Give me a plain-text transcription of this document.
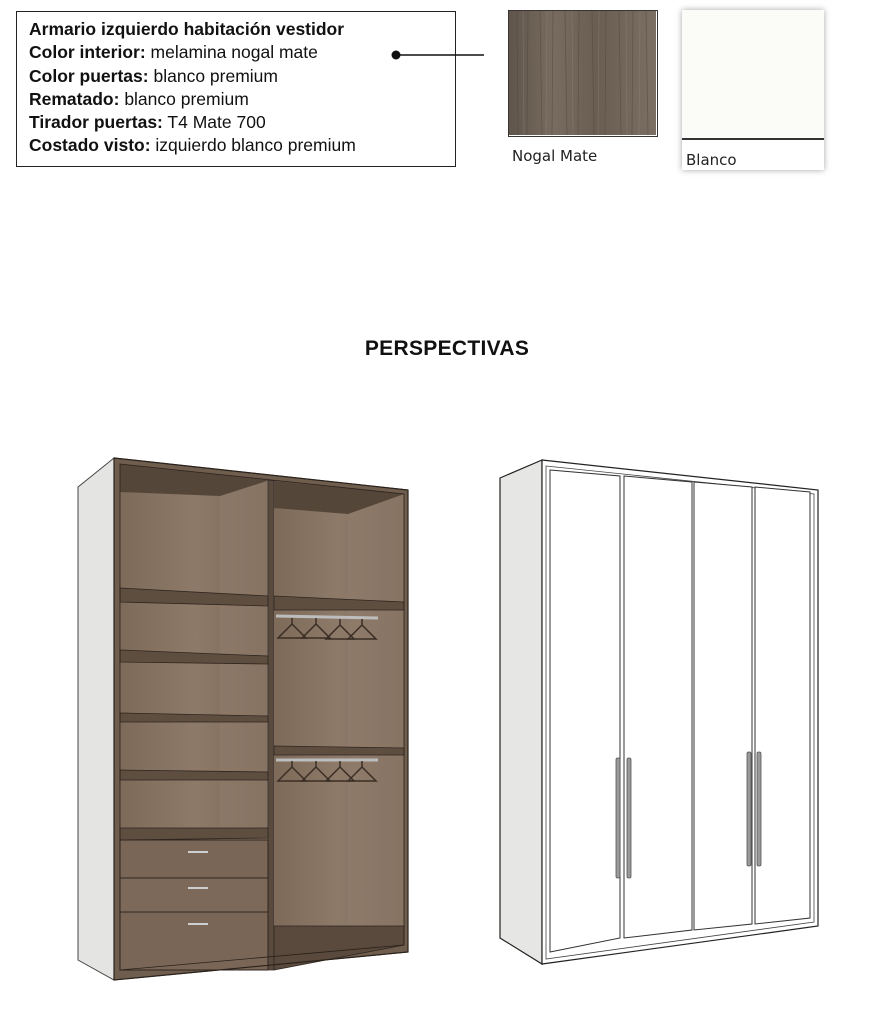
Armario izquierdo habitación vestidor
Color interior: melamina nogal mate
Color puertas: blanco premium
Rematado: blanco premium
Tirador puertas: T4 Mate 700
Costado visto: izquierdo blanco premium
Nogal Mate	Blanco
PERSPECTIVAS
